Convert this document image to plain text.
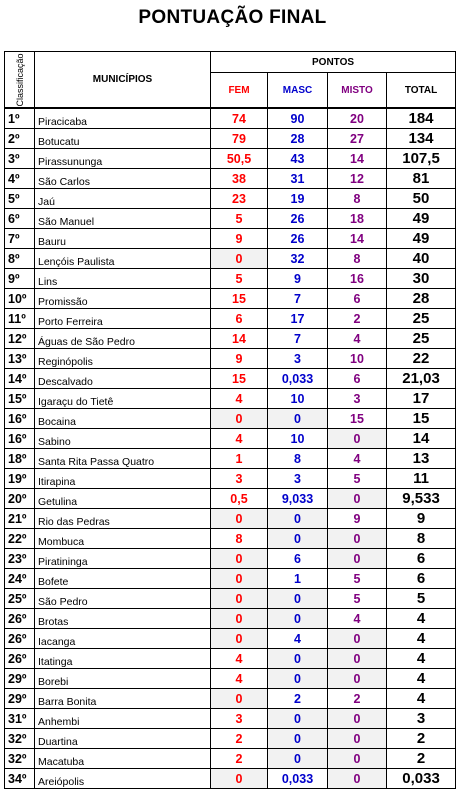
PONTUAÇÃO FINAL
Classificação	MUNICÍPIOS	PONTOS			
		FEM	MASC	MISTO	TOTAL
1º	Piracicaba	74	90	20	184
2º	Botucatu	79	28	27	134
3º	Pirassununga	50,5	43	14	107,5
4º	São Carlos	38	31	12	81
5º	Jaú	23	19	8	50
6º	São Manuel	5	26	18	49
7º	Bauru	9	26	14	49
8º	Lençóis Paulista	0	32	8	40
9º	Lins	5	9	16	30
10º	Promissão	15	7	6	28
11º	Porto Ferreira	6	17	2	25
12º	Águas de São Pedro	14	7	4	25
13º	Reginópolis	9	3	10	22
14º	Descalvado	15	0,033	6	21,03
15º	Igaraçu do Tietê	4	10	3	17
16º	Bocaina	0	0	15	15
16º	Sabino	4	10	0	14
18º	Santa Rita Passa Quatro	1	8	4	13
19º	Itirapina	3	3	5	11
20º	Getulina	0,5	9,033	0	9,533
21º	Rio das Pedras	0	0	9	9
22º	Mombuca	8	0	0	8
23º	Piratininga	0	6	0	6
24º	Bofete	0	1	5	6
25º	São Pedro	0	0	5	5
26º	Brotas	0	0	4	4
26º	Iacanga	0	4	0	4
26º	Itatinga	4	0	0	4
29º	Borebi	4	0	0	4
29º	Barra Bonita	0	2	2	4
31º	Anhembi	3	0	0	3
32º	Duartina	2	0	0	2
32º	Macatuba	2	0	0	2
34º	Areiópolis	0	0,033	0	0,033
